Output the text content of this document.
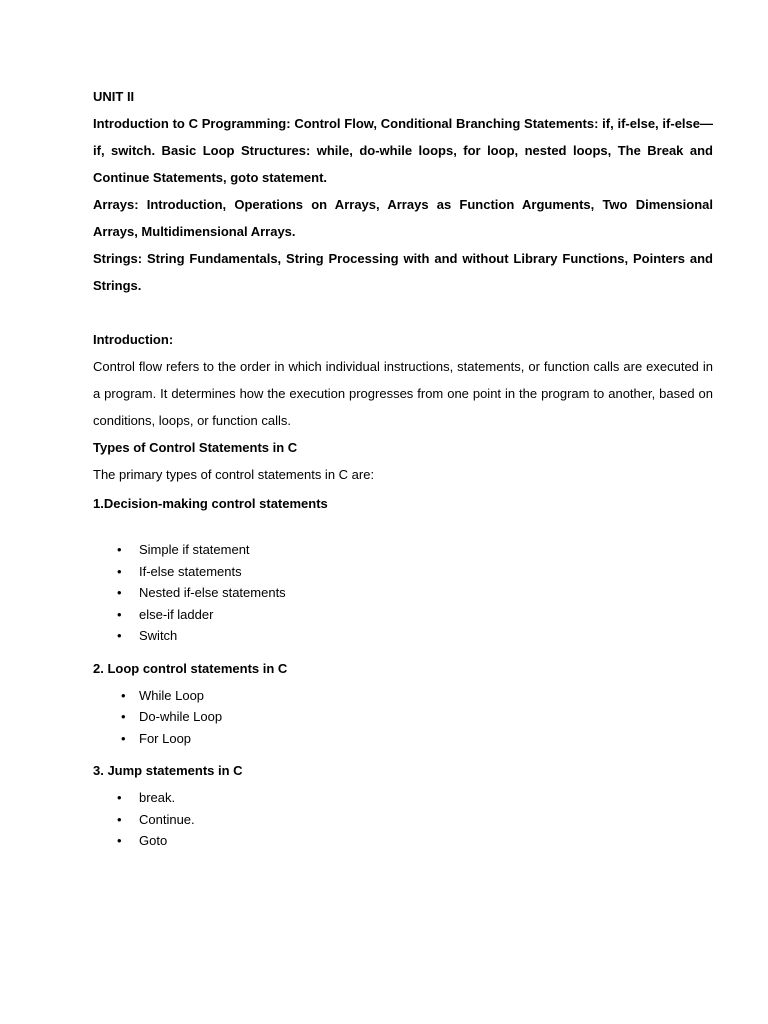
UNIT II

Introduction to C Programming: Control Flow, Conditional Branching Statements: if, if-else, if-else—if, switch. Basic Loop Structures: while, do-while loops, for loop, nested loops, The Break and Continue Statements, goto statement.

Arrays: Introduction, Operations on Arrays, Arrays as Function Arguments, Two Dimensional Arrays, Multidimensional Arrays.

Strings: String Fundamentals, String Processing with and without Library Functions, Pointers and Strings.

Introduction:

Control flow refers to the order in which individual instructions, statements, or function calls are executed in a program. It determines how the execution progresses from one point in the program to another, based on conditions, loops, or function calls.

Types of Control Statements in C

The primary types of control statements in C are:

1.Decision-making control statements

• Simple if statement
• If-else statements
• Nested if-else statements
• else-if ladder
• Switch

2. Loop control statements in C

• While Loop
• Do-while Loop
• For Loop

3. Jump statements in C

• break.
• Continue.
• Goto
